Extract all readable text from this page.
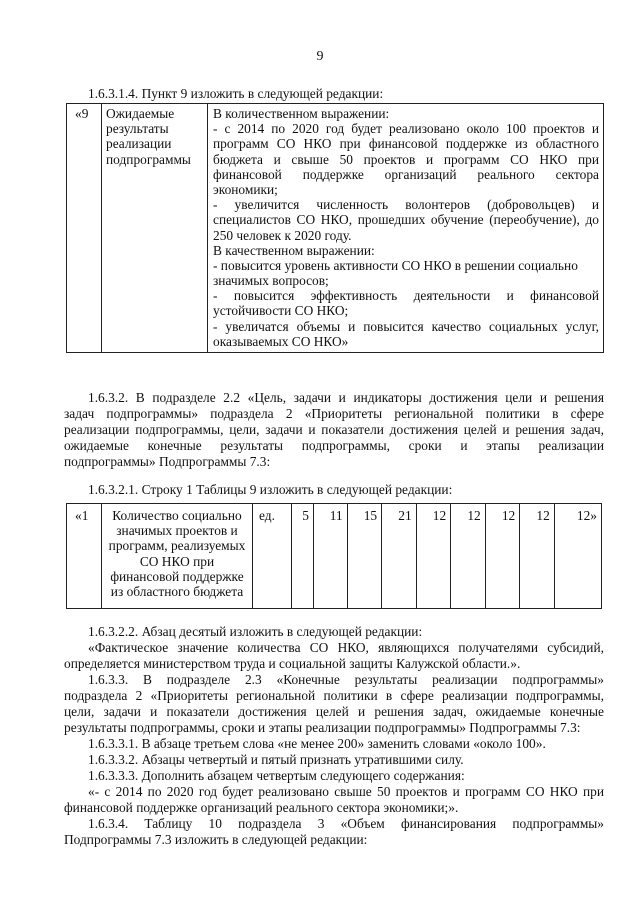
9
1.6.3.1.4. Пункт 9 изложить в следующей редакции:
«9	Ожидаемые
результаты
реализации
подпрограммы

В количественном выражении:
- с 2014 по 2020 год будет реализовано около 100 проектов и
программ СО НКО при финансовой поддержке из областного
бюджета и свыше 50 проектов и программ СО НКО при
финансовой поддержке организаций реального сектора
экономики;
- увеличится численность волонтеров (добровольцев) и
специалистов СО НКО, прошедших обучение (переобучение), до
250 человек к 2020 году.
В качественном выражении:
- повысится уровень активности СО НКО в решении социально
значимых вопросов;
- повысится эффективность деятельности и финансовой
устойчивости СО НКО;
- увеличатся объемы и повысится качество социальных услуг,
оказываемых СО НКО»
1.6.3.2. В подразделе 2.2 «Цель, задачи и индикаторы достижения цели и решения
задач подпрограммы» подраздела 2 «Приоритеты региональной политики в сфере
реализации подпрограммы, цели, задачи и показатели достижения целей и решения задач,
ожидаемые конечные результаты подпрограммы, сроки и этапы реализации
подпрограммы» Подпрограммы 7.3:
1.6.3.2.1. Строку 1 Таблицы 9 изложить в следующей редакции:
«1	Количество социально
значимых проектов и
программ, реализуемых
СО НКО при
финансовой поддержке
из областного бюджета
	ед.	5	11	15	21	12	12	12	12	12»
1.6.3.2.2. Абзац десятый изложить в следующей редакции:
«Фактическое значение количества СО НКО, являющихся получателями субсидий,
определяется министерством труда и социальной защиты Калужской области.».
1.6.3.3. В подразделе 2.3 «Конечные результаты реализации подпрограммы»
подраздела 2 «Приоритеты региональной политики в сфере реализации подпрограммы,
цели, задачи и показатели достижения целей и решения задач, ожидаемые конечные
результаты подпрограммы, сроки и этапы реализации подпрограммы» Подпрограммы 7.3:
1.6.3.3.1. В абзаце третьем слова «не менее 200» заменить словами «около 100».
1.6.3.3.2. Абзацы четвертый и пятый признать утратившими силу.
1.6.3.3.3. Дополнить абзацем четвертым следующего содержания:
«- с 2014 по 2020 год будет реализовано свыше 50 проектов и программ СО НКО при
финансовой поддержке организаций реального сектора экономики;».
1.6.3.4. Таблицу 10 подраздела 3 «Объем финансирования подпрограммы»
Подпрограммы 7.3 изложить в следующей редакции:
